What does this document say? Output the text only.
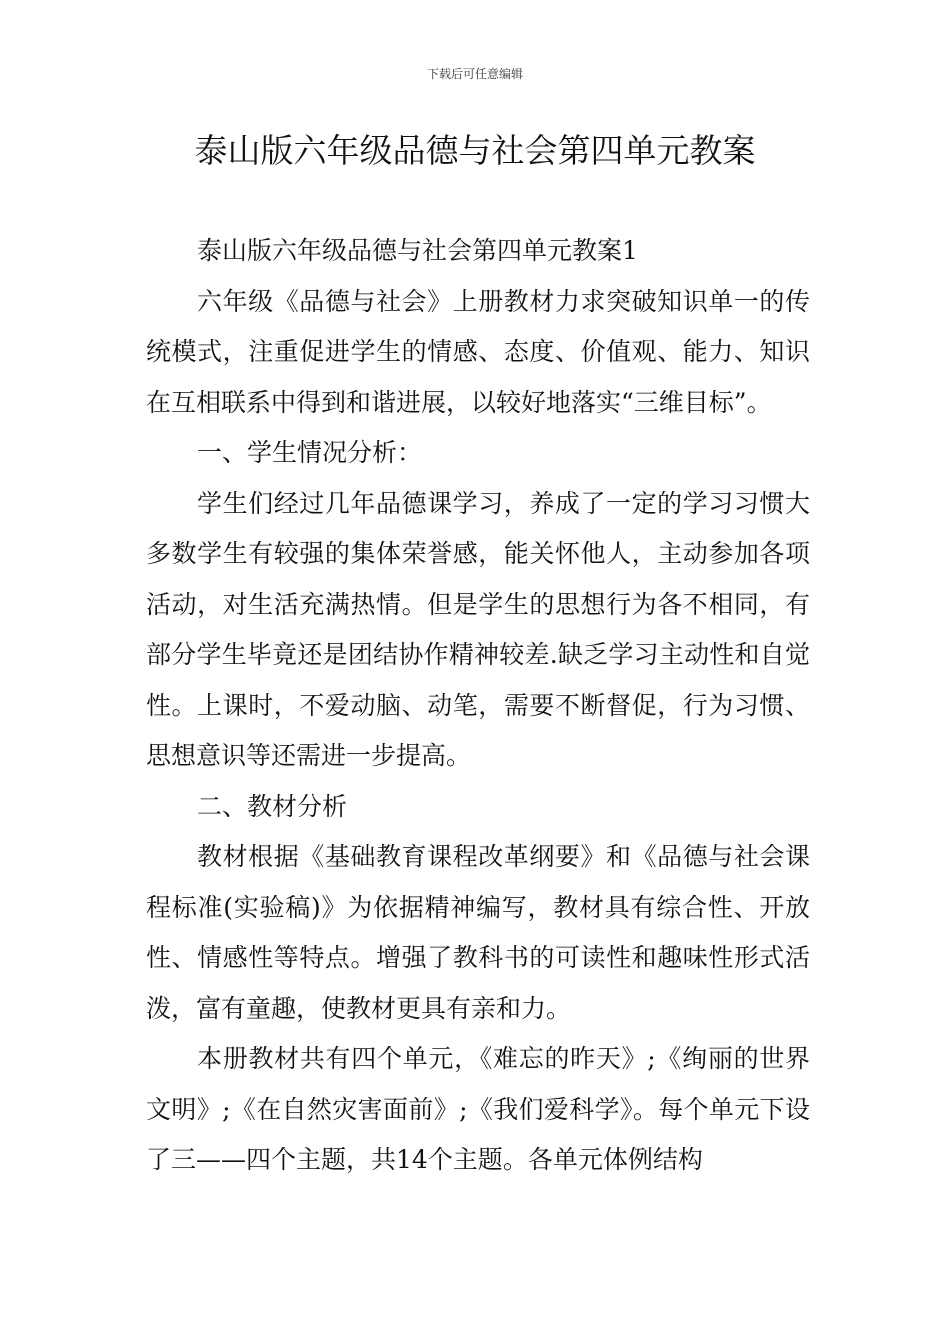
下载后可任意编辑
泰山版六年级品德与社会第四单元教案

泰山版六年级品德与社会第四单元教案1

六年级《品德与社会》上册教材力求突破知识单一的传统模式，注重促进学生的情感、态度、价值观、能力、知识在互相联系中得到和谐进展，以较好地落实“三维目标”。

一、学生情况分析：

学生们经过几年品德课学习，养成了一定的学习习惯大多数学生有较强的集体荣誉感，能关怀他人，主动参加各项活动，对生活充满热情。但是学生的思想行为各不相同，有部分学生毕竟还是团结协作精神较差.缺乏学习主动性和自觉性。上课时，不爱动脑、动笔，需要不断督促，行为习惯、思想意识等还需进一步提高。

二、教材分析

教材根据《基础教育课程改革纲要》和《品德与社会课程标准(实验稿)》为依据精神编写，教材具有综合性、开放性、情感性等特点。增强了教科书的可读性和趣味性形式活泼，富有童趣，使教材更具有亲和力。

本册教材共有四个单元，《难忘的昨天》;《绚丽的世界文明》;《在自然灾害面前》;《我们爱科学》。每个单元下设了三——四个主题，共14个主题。各单元体例结构
